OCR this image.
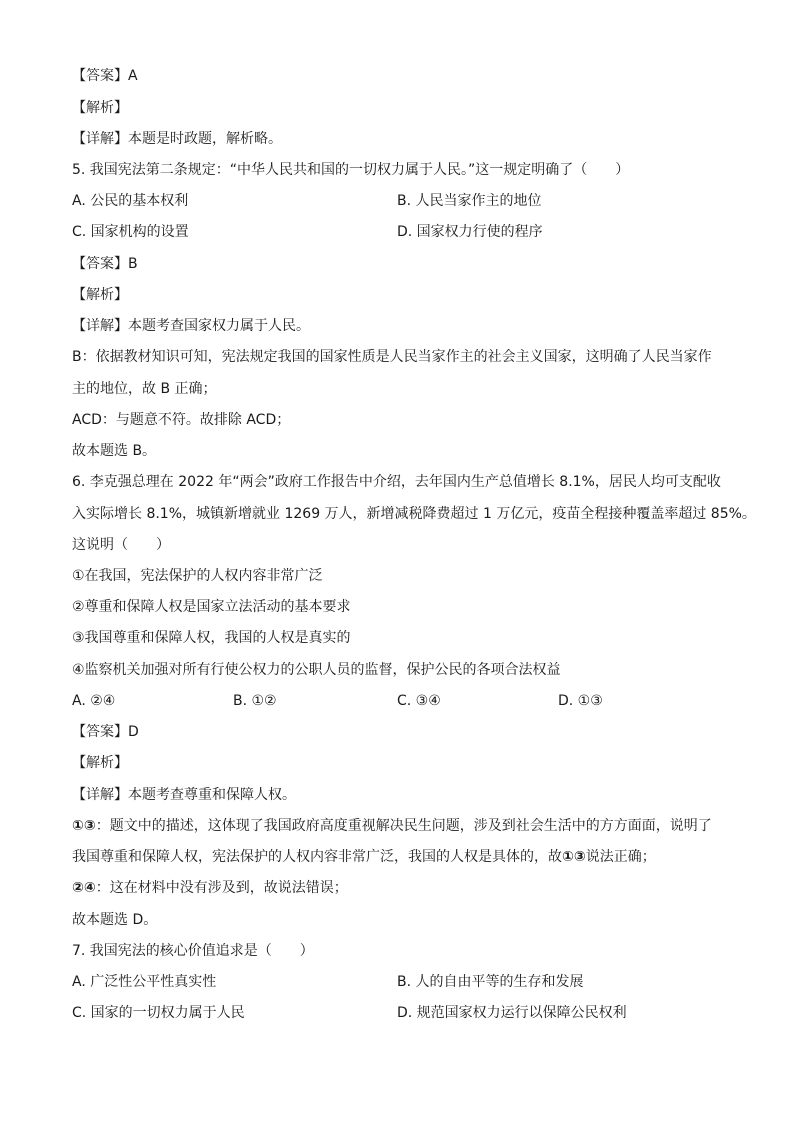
【答案】A
【解析】
【详解】本题是时政题，解析略。
5. 我国宪法第二条规定：“中华人民共和国的一切权力属于人民。”这一规定明确了（　　）
A. 公民的基本权利	B. 人民当家作主的地位
C. 国家机构的设置	D. 国家权力行使的程序
【答案】B
【解析】
【详解】本题考查国家权力属于人民。
B：依据教材知识可知，宪法规定我国的国家性质是人民当家作主的社会主义国家，这明确了人民当家作
主的地位，故 B 正确；
ACD：与题意不符。故排除 ACD；
故本题选 B。
6. 李克强总理在 2022 年“两会”政府工作报告中介绍，去年国内生产总值增长 8.1%，居民人均可支配收
入实际增长 8.1%，城镇新增就业 1269 万人，新增减税降费超过 1 万亿元，疫苗全程接种覆盖率超过 85%。
这说明（　　）
①在我国，宪法保护的人权内容非常广泛
②尊重和保障人权是国家立法活动的基本要求
③我国尊重和保障人权，我国的人权是真实的
④监察机关加强对所有行使公权力的公职人员的监督，保护公民的各项合法权益
A. ②④	B. ①②	C. ③④	D. ①③
【答案】D
【解析】
【详解】本题考查尊重和保障人权。
①③：题文中的描述，这体现了我国政府高度重视解决民生问题，涉及到社会生活中的方方面面，说明了
我国尊重和保障人权，宪法保护的人权内容非常广泛，我国的人权是具体的，故①③说法正确；
②④：这在材料中没有涉及到，故说法错误；
故本题选 D。
7. 我国宪法的核心价值追求是（　　）
A. 广泛性公平性真实性	B. 人的自由平等的生存和发展
C. 国家的一切权力属于人民	D. 规范国家权力运行以保障公民权利
